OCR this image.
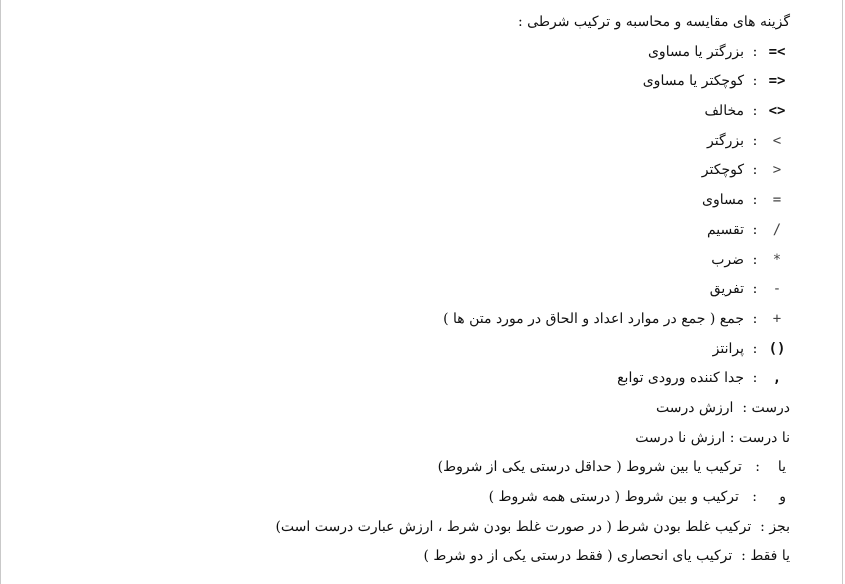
گزینه های مقایسه و محاسبه و ترکیب شرطی :
=<:بزرگتر یا مساوی
=>:کوچکتر یا مساوی
<>:مخالف
<:بزرگتر
>:کوچکتر
=:مساوی
/:تقسیم
*:ضرب
-:تفریق
+:جمع ( جمع در موارد اعداد و الحاق در مورد متن ها )
():پرانتز
,:جدا کننده ورودی توابع
درست :  ارزش درست
نا درست : ارزش نا درست
یا    :   ترکیب یا بین شروط ( حداقل درستی یکی از شروط)
و     :   ترکیب و بین شروط ( درستی همه شروط )
بجز :  ترکیب غلط بودن شرط ( در صورت غلط بودن شرط ، ارزش عبارت درست است)
یا فقط :  ترکیب یای انحصاری ( فقط درستی یکی از دو شرط )
